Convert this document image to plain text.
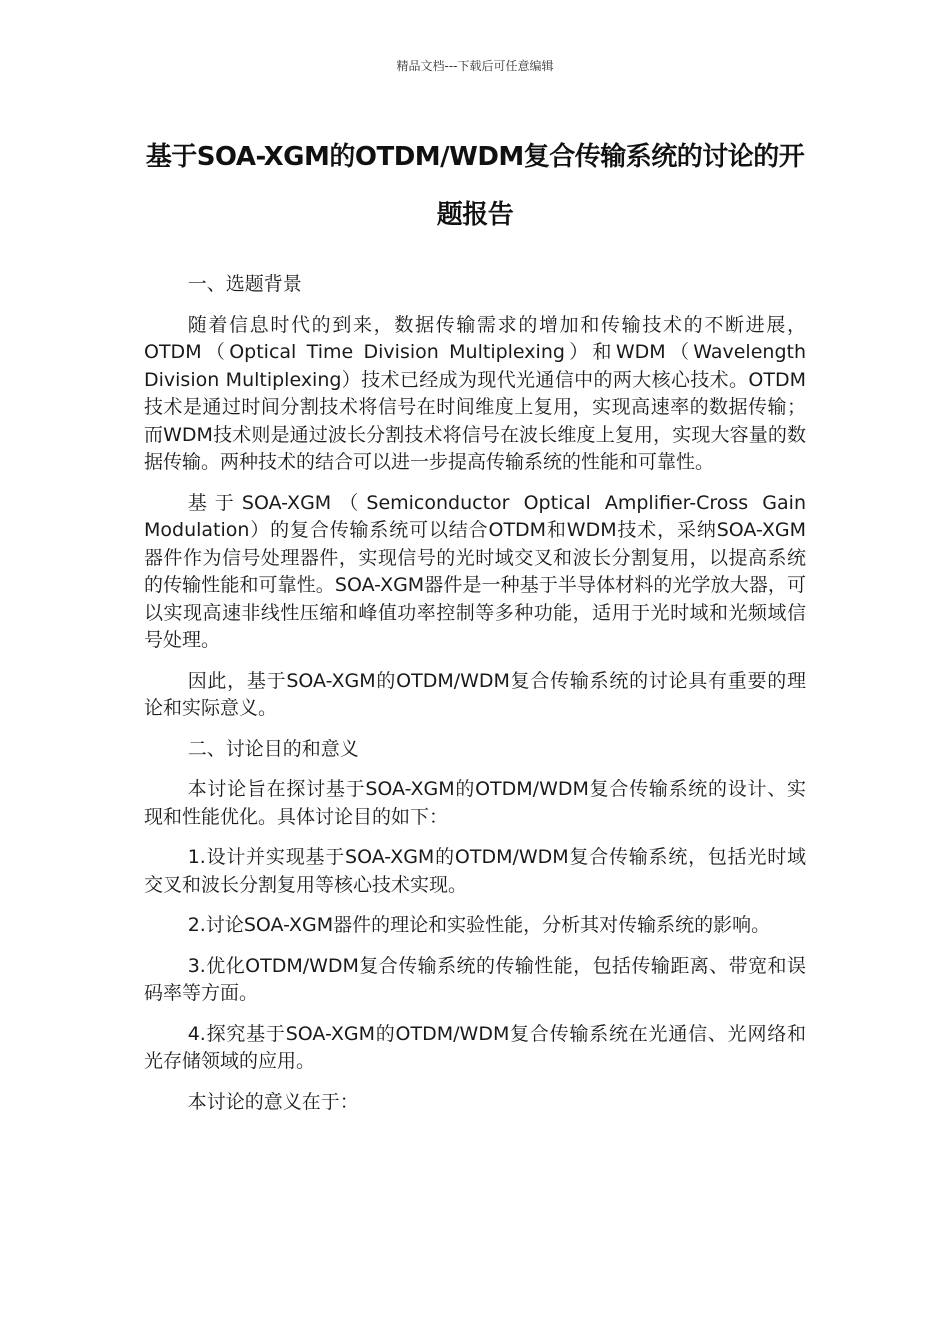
精品文档---下载后可任意编辑
基于SOA-XGM的OTDM/WDM复合传输系统的讨论的开题报告

一、选题背景

随着信息时代的到来，数据传输需求的增加和传输技术的不断进展，OTDM（Optical Time Division Multiplexing）和WDM（Wavelength Division Multiplexing）技术已经成为现代光通信中的两大核心技术。OTDM技术是通过时间分割技术将信号在时间维度上复用，实现高速率的数据传输；而WDM技术则是通过波长分割技术将信号在波长维度上复用，实现大容量的数据传输。两种技术的结合可以进一步提高传输系统的性能和可靠性。

基于SOA-XGM（Semiconductor Optical Amplifier-Cross Gain Modulation）的复合传输系统可以结合OTDM和WDM技术，采纳SOA-XGM器件作为信号处理器件，实现信号的光时域交叉和波长分割复用，以提高系统的传输性能和可靠性。SOA-XGM器件是一种基于半导体材料的光学放大器，可以实现高速非线性压缩和峰值功率控制等多种功能，适用于光时域和光频域信号处理。

因此，基于SOA-XGM的OTDM/WDM复合传输系统的讨论具有重要的理论和实际意义。

二、讨论目的和意义

本讨论旨在探讨基于SOA-XGM的OTDM/WDM复合传输系统的设计、实现和性能优化。具体讨论目的如下：

1.设计并实现基于SOA-XGM的OTDM/WDM复合传输系统，包括光时域交叉和波长分割复用等核心技术实现。

2.讨论SOA-XGM器件的理论和实验性能，分析其对传输系统的影响。

3.优化OTDM/WDM复合传输系统的传输性能，包括传输距离、带宽和误码率等方面。

4.探究基于SOA-XGM的OTDM/WDM复合传输系统在光通信、光网络和光存储领域的应用。

本讨论的意义在于：
